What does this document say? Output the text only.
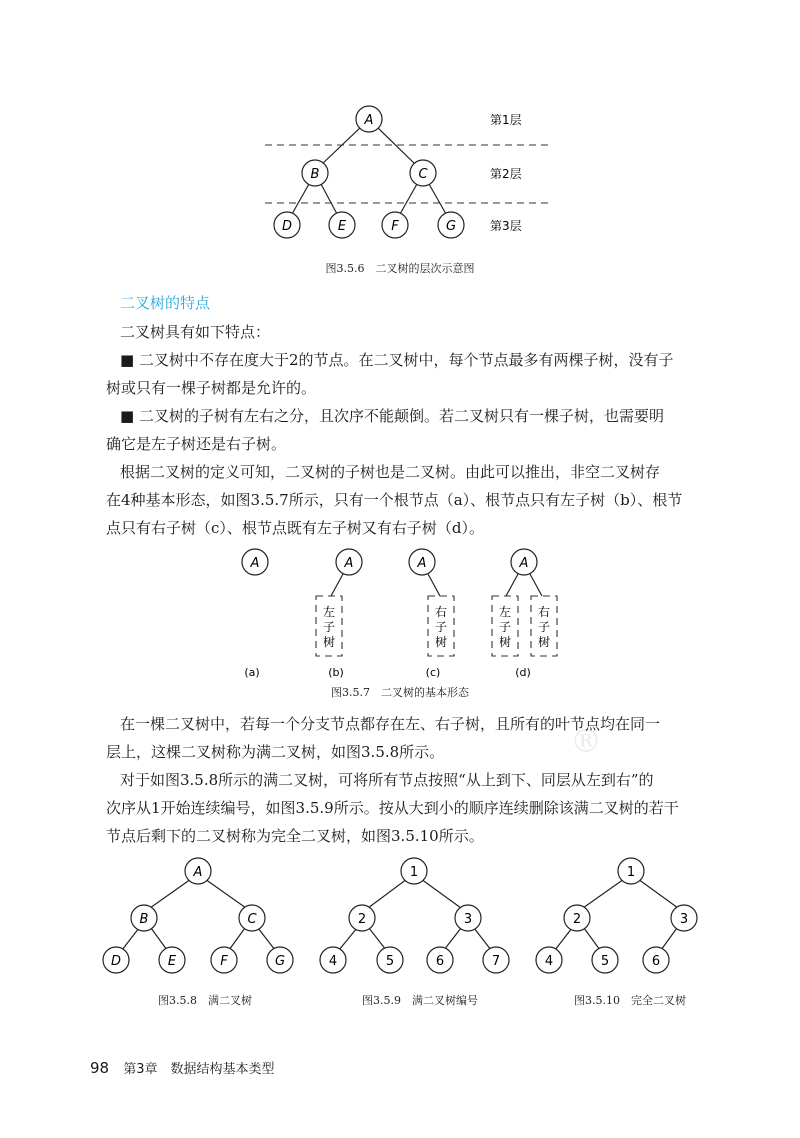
A
B	C
D	E	F	G
第1层
第2层
第3层
图3.5.6　二叉树的层次示意图
二叉树的特点
二叉树具有如下特点：
■ 二叉树中不存在度大于2的节点。在二叉树中，每个节点最多有两棵子树，没有子
树或只有一棵子树都是允许的。
■ 二叉树的子树有左右之分，且次序不能颠倒。若二叉树只有一棵子树，也需要明
确它是左子树还是右子树。
根据二叉树的定义可知，二叉树的子树也是二叉树。由此可以推出，非空二叉树存
在4种基本形态，如图3.5.7所示，只有一个根节点（a）、根节点只有左子树（b）、根节
点只有右子树（c）、根节点既有左子树又有右子树（d）。
A	A
左子树
A
右子树
A
左子树
右子树
(a)	(b)	(c)	(d)
图3.5.7　二叉树的基本形态
®
在一棵二叉树中，若每一个分支节点都存在左、右子树，且所有的叶节点均在同一
层上，这棵二叉树称为满二叉树，如图3.5.8所示。
对于如图3.5.8所示的满二叉树，可将所有节点按照“从上到下、同层从左到右”的
次序从1开始连续编号，如图3.5.9所示。按从大到小的顺序连续删除该满二叉树的若干
节点后剩下的二叉树称为完全二叉树，如图3.5.10所示。
A
B	C
D	E	F	G
1
2	3
4	5	6	7
1
2	3
4	5	6
图3.5.8　满二叉树	图3.5.9　满二叉树编号	图3.5.10　完全二叉树
98 第3章　数据结构基本类型
